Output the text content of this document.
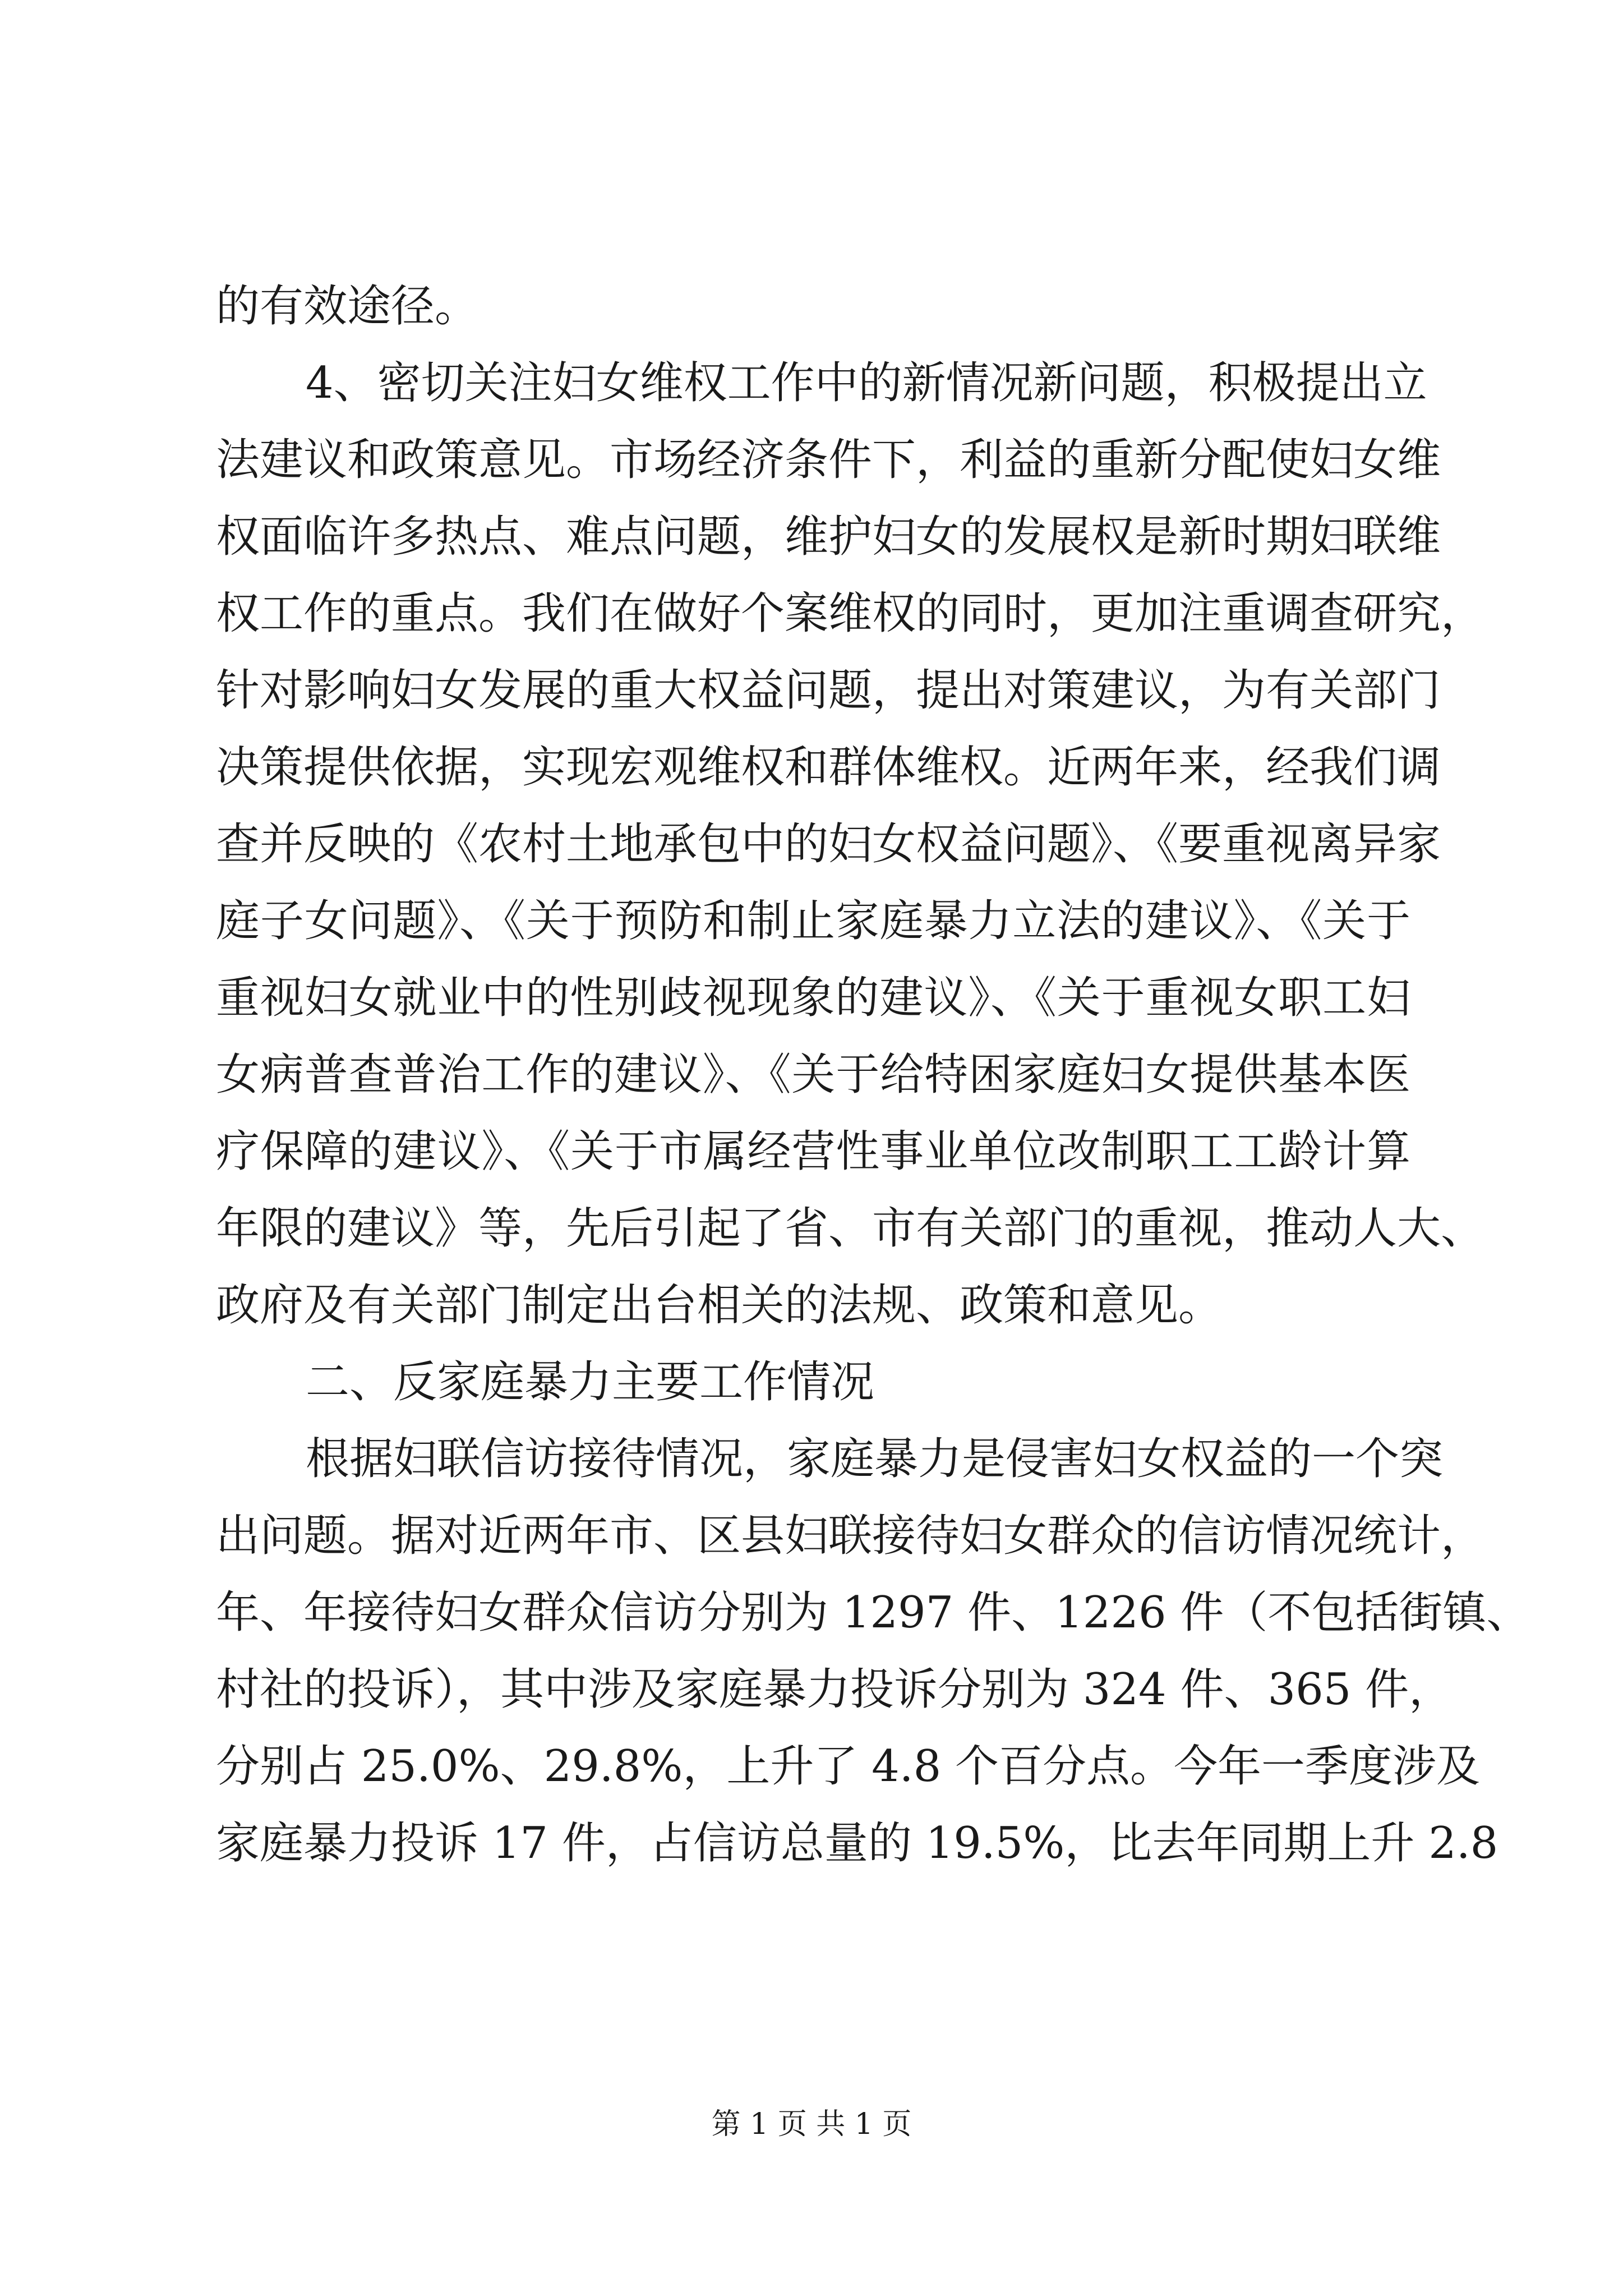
的有效途径。
4、密切关注妇女维权工作中的新情况新问题，积极提出立
法建议和政策意见。市场经济条件下，利益的重新分配使妇女维
权面临许多热点、难点问题，维护妇女的发展权是新时期妇联维
权工作的重点。我们在做好个案维权的同时，更加注重调查研究，
针对影响妇女发展的重大权益问题，提出对策建议，为有关部门
决策提供依据，实现宏观维权和群体维权。近两年来，经我们调
查并反映的《农村土地承包中的妇女权益问题》、《要重视离异家
庭子女问题》、《关于预防和制止家庭暴力立法的建议》、《关于
重视妇女就业中的性别歧视现象的建议》、《关于重视女职工妇
女病普查普治工作的建议》、《关于给特困家庭妇女提供基本医
疗保障的建议》、《关于市属经营性事业单位改制职工工龄计算
年限的建议》等，先后引起了省、市有关部门的重视，推动人大、
政府及有关部门制定出台相关的法规、政策和意见。
二、反家庭暴力主要工作情况
根据妇联信访接待情况，家庭暴力是侵害妇女权益的一个突
出问题。据对近两年市、区县妇联接待妇女群众的信访情况统计，
年、年接待妇女群众信访分别为 1297 件、1226 件（不包括街镇、
村社的投诉），其中涉及家庭暴力投诉分别为 324 件、365 件，
分别占 25.0%、29.8%，上升了 4.8 个百分点。今年一季度涉及
家庭暴力投诉 17 件，占信访总量的 19.5%，比去年同期上升 2.8
第 1 页 共 1 页
